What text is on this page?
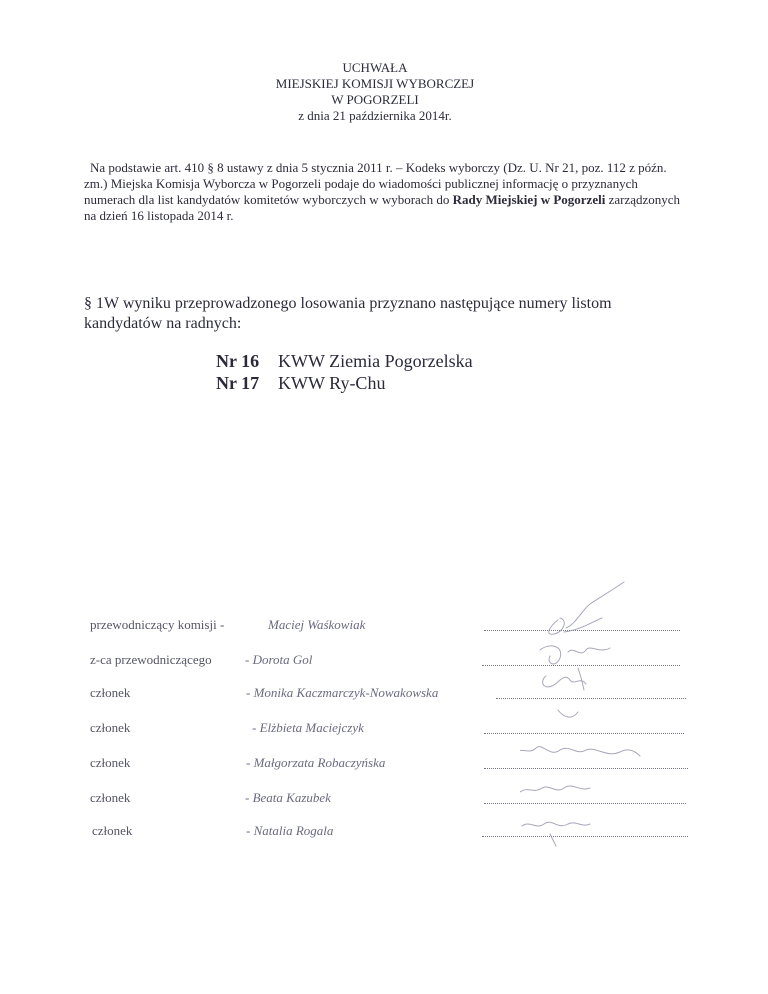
UCHWAŁA
MIEJSKIEJ KOMISJI WYBORCZEJ
W POGORZELI
z dnia 21 października 2014r.
Na podstawie art. 410 § 8 ustawy z dnia 5 stycznia 2011 r. – Kodeks wyborczy (Dz. U. Nr 21, poz. 112 z późn. zm.) Miejska Komisja Wyborcza w Pogorzeli podaje do wiadomości publicznej informację o przyznanych numerach dla list kandydatów komitetów wyborczych w wyborach do Rady Miejskiej w Pogorzeli zarządzonych na dzień 16 listopada 2014 r.
§ 1W wyniku przeprowadzonego losowania przyznano następujące numery listom kandydatów na radnych:
Nr 16 KWW Ziemia Pogorzelska
Nr 17 KWW Ry-Chu
przewodniczący komisji -	Maciej Waśkowiak
z-ca przewodniczącego	- Dorota Gol
członek	- Monika Kaczmarczyk-Nowakowska
członek	- Elżbieta Maciejczyk
członek	- Małgorzata Robaczyńska
członek	- Beata Kazubek
członek	- Natalia Rogala
